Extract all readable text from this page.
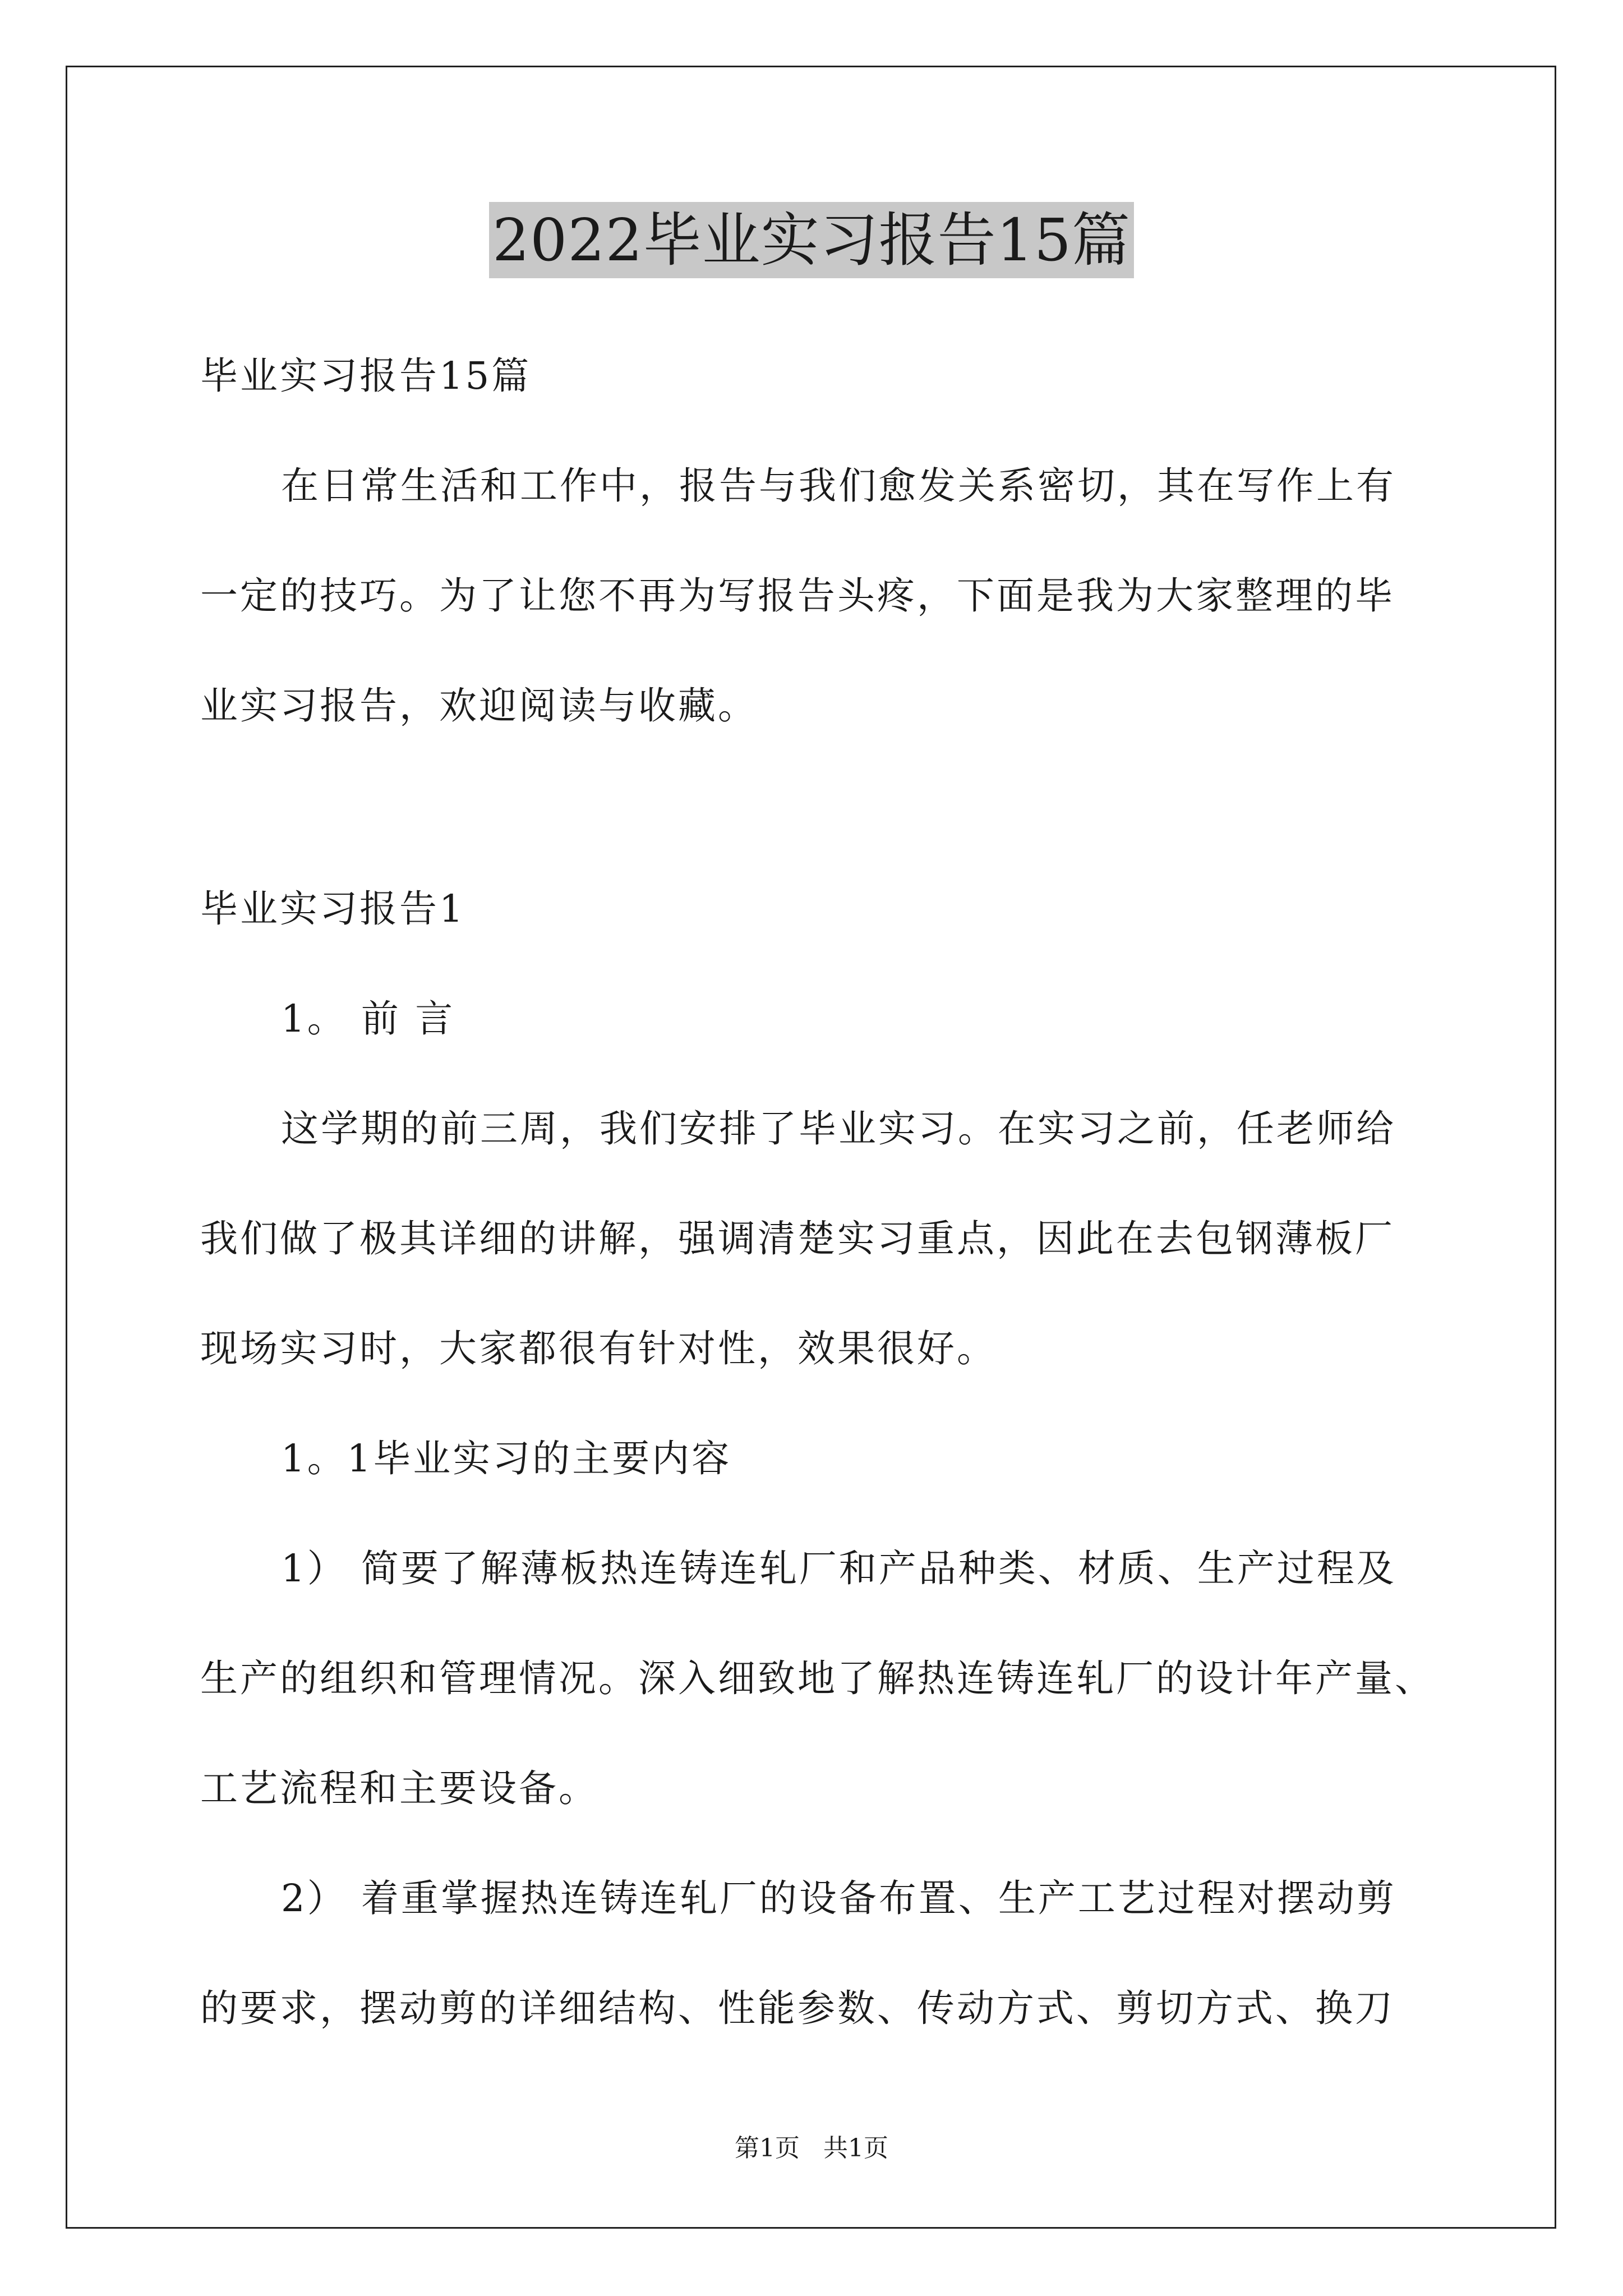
2022毕业实习报告15篇
毕业实习报告15篇
在日常生活和工作中，报告与我们愈发关系密切，其在写作上有
一定的技巧。为了让您不再为写报告头疼，下面是我为大家整理的毕
业实习报告，欢迎阅读与收藏。
毕业实习报告1
1。 前 言
这学期的前三周，我们安排了毕业实习。在实习之前，任老师给
我们做了极其详细的讲解，强调清楚实习重点，因此在去包钢薄板厂
现场实习时，大家都很有针对性，效果很好。
1。1毕业实习的主要内容
1） 简要了解薄板热连铸连轧厂和产品种类、材质、生产过程及
生产的组织和管理情况。深入细致地了解热连铸连轧厂的设计年产量、
工艺流程和主要设备。
2） 着重掌握热连铸连轧厂的设备布置、生产工艺过程对摆动剪
的要求，摆动剪的详细结构、性能参数、传动方式、剪切方式、换刀
第1页   共1页
